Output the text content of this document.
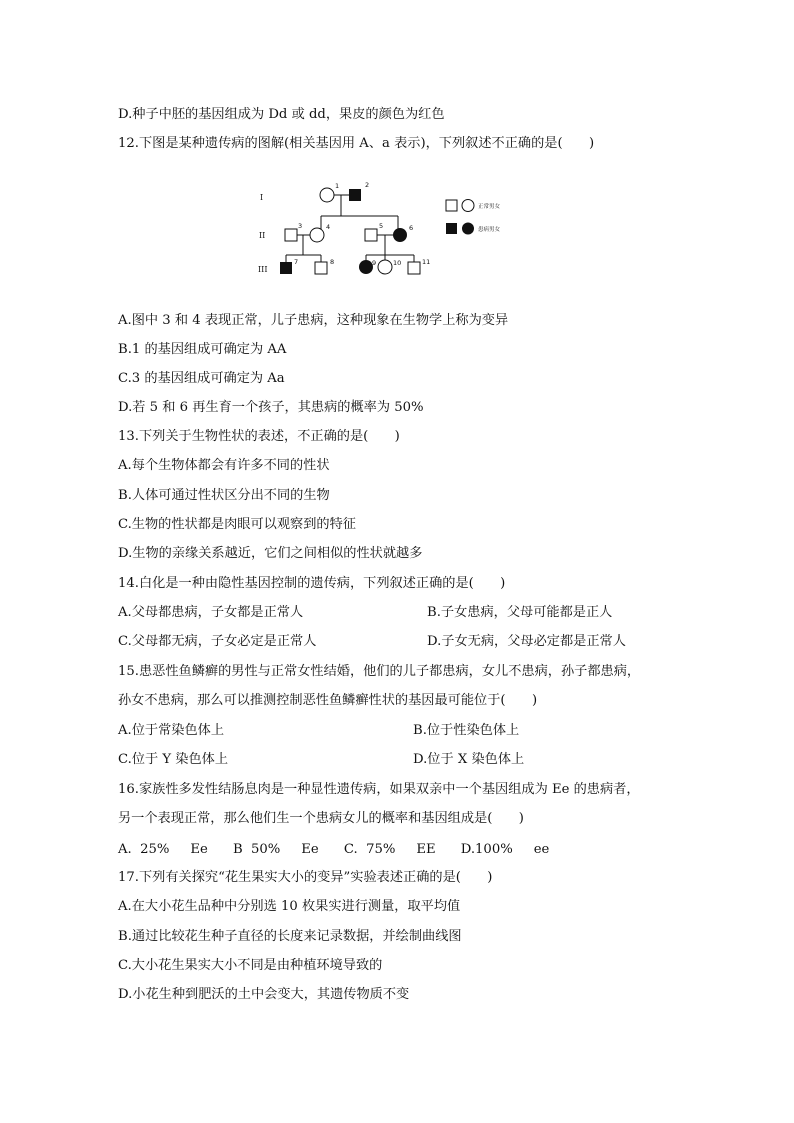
D.种子中胚的基因组成为 Dd 或 dd，果皮的颜色为红色
12.下图是某种遗传病的图解(相关基因用 A、a 表示)，下列叙述不正确的是(　　)
I
II
III
1	2
3	4	5	6
7	8	9	10	11
正常男女
患病男女
A.图中 3 和 4 表现正常，儿子患病，这种现象在生物学上称为变异
B.1 的基因组成可确定为 AA
C.3 的基因组成可确定为 Aa
D.若 5 和 6 再生育一个孩子，其患病的概率为 50%
13.下列关于生物性状的表述，不正确的是(　　)
A.每个生物体都会有许多不同的性状
B.人体可通过性状区分出不同的生物
C.生物的性状都是肉眼可以观察到的特征
D.生物的亲缘关系越近，它们之间相似的性状就越多
14.白化是一种由隐性基因控制的遗传病，下列叙述正确的是(　　)
A.父母都患病，子女都是正常人	B.子女患病，父母可能都是正人
C.父母都无病，子女必定是正常人	D.子女无病，父母必定都是正常人
15.患恶性鱼鳞癣的男性与正常女性结婚，他们的儿子都患病，女儿不患病，孙子都患病，
孙女不患病，那么可以推测控制恶性鱼鳞癣性状的基因最可能位于(　　)
A.位于常染色体上	B.位于性染色体上
C.位于 Y 染色体上	D.位于 X 染色体上
16.家族性多发性结肠息肉是一种显性遗传病，如果双亲中一个基因组成为 Ee 的患病者，
另一个表现正常，那么他们生一个患病女儿的概率和基因组成是(　　)
A.  25%     Ee      B  50%     Ee      C.  75%     EE      D.100%     ee
17.下列有关探究“花生果实大小的变异”实验表述正确的是(　　)
A.在大小花生品种中分别选 10 枚果实进行测量，取平均值
B.通过比较花生种子直径的长度来记录数据，并绘制曲线图
C.大小花生果实大小不同是由种植环境导致的
D.小花生种到肥沃的土中会变大，其遗传物质不变
